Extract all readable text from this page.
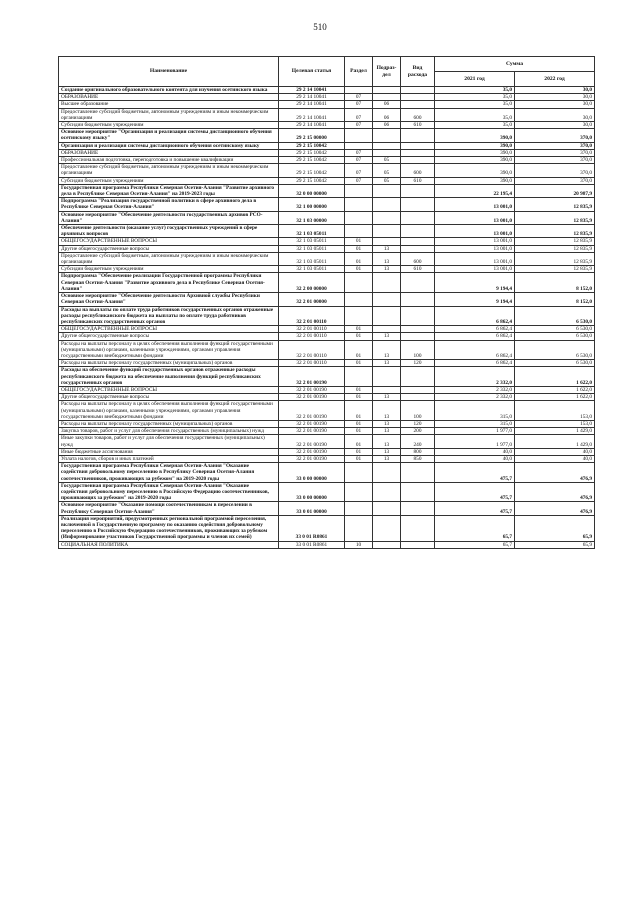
510
Наименование	Целевая статья	Раздел	Подраз-дел	Вид расхода	Сумма	
					2021 год	2022 год
Создание оригинального образовательного контента для изучения осетинского языка	29 2 14 10041				35,0	30,0
ОБРАЗОВАНИЕ	29 2 14 10041	07			35,0	30,0
Высшее образование	29 2 14 10041	07	06		35,0	30,0
Предоставление субсидий бюджетным, автономным учреждениям и иным некоммерческим организациям	29 2 14 10041	07	06	600	35,0	30,0
Субсидии бюджетным учреждениям	29 2 14 10041	07	06	610	35,0	30,0
Основное мероприятие "Организация и реализация системы дистанционного обучения осетинскому языку"	29 2 15 00000				390,0	370,0
Организация и реализация системы дистанционного обучения осетинскому языку	29 2 15 10042				390,0	370,0
ОБРАЗОВАНИЕ	29 2 15 10042	07			390,0	370,0
Профессиональная подготовка, переподготовка и повышение квалификации	29 2 15 10042	07	05		390,0	370,0
Предоставление субсидий бюджетным, автономным учреждениям и иным некоммерческим организациям	29 2 15 10042	07	05	600	390,0	370,0
Субсидии бюджетным учреждениям	29 2 15 10042	07	05	610	390,0	370,0
Государственная программа Республики Северная Осетия-Алания "Развитие архивного дела в Республике Северная Осетия-Алания" на 2019-2023 годы	32 0 00 00000				22 195,4	20 987,9
Подпрограмма "Реализация государственной политики в сфере архивного дела в Республике Северная Осетия-Алания"	32 1 00 00000				13 001,0	12 835,9
Основное мероприятие "Обеспечение деятельности государственных архивов РСО-Алания"	32 1 03 00000				13 001,0	12 835,9
Обеспечение деятельности (оказание услуг) государственных учреждений в сфере архивных вопросов	32 1 03 05011				13 001,0	12 835,9
ОБЩЕГОСУДАРСТВЕННЫЕ ВОПРОСЫ	32 1 03 05011	01			13 001,0	12 835,9
Другие общегосударственные вопросы	32 1 03 05011	01	13		13 001,0	12 835,9
Предоставление субсидий бюджетным, автономным учреждениям и иным некоммерческим организациям	32 1 03 05011	01	13	600	13 001,0	12 835,9
Субсидии бюджетным учреждениям	32 1 03 05011	01	13	610	13 001,0	12 835,9
Подпрограмма "Обеспечение реализации Государственной программы Республики Северная Осетия-Алания "Развитие архивного дела в Республике Северная Осетия-Алания"	32 2 00 00000				9 194,4	8 152,0
Основное мероприятие "Обеспечение деятельности Архивной службы Республики Северная Осетия-Алания"	32 2 01 00000				9 194,4	8 152,0
Расходы на выплаты по оплате труда работников государственных органов отраженные расходы республиканского бюджета на выплаты по оплате труда работников республиканских государственных органов	32 2 01 00110				6 862,4	6 530,0
ОБЩЕГОСУДАРСТВЕННЫЕ ВОПРОСЫ	32 2 01 00110	01			6 862,4	6 530,0
Другие общегосударственные вопросы	32 2 01 00110	01	13		6 862,4	6 530,0
Расходы на выплаты персоналу в целях обеспечения выполнения функций государственными (муниципальными) органами, казенными учреждениями, органами управления государственными внебюджетными фондами	32 2 01 00110	01	13	100	6 862,4	6 530,0
Расходы на выплаты персоналу государственных (муниципальных) органов	32 2 01 00110	01	13	120	6 862,4	6 530,0
Расходы на обеспечение функций государственных органов отраженные расходы республиканского бюджета на обеспечение выполнения функций республиканских государственных органов	32 2 01 00190				2 332,0	1 622,0
ОБЩЕГОСУДАРСТВЕННЫЕ ВОПРОСЫ	32 2 01 00190	01			2 332,0	1 622,0
Другие общегосударственные вопросы	32 2 01 00190	01	13		2 332,0	1 622,0
Расходы на выплаты персоналу в целях обеспечения выполнения функций государственными (муниципальными) органами, казенными учреждениями, органами управления государственными внебюджетными фондами	32 2 01 00190	01	13	100	315,0	153,0
Расходы на выплаты персоналу государственных (муниципальных) органов	32 2 01 00190	01	13	120	315,0	153,0
Закупка товаров, работ и услуг для обеспечения государственных (муниципальных) нужд	32 2 01 00190	01	13	200	1 977,0	1 429,0
Иные закупки товаров, работ и услуг для обеспечения государственных (муниципальных) нужд	32 2 01 00190	01	13	240	1 977,0	1 429,0
Иные бюджетные ассигнования	32 2 01 00190	01	13	800	40,0	40,0
Уплата налогов, сборов и иных платежей	32 2 01 00190	01	13	850	40,0	40,0
Государственная программа Республики Северная Осетия-Алания "Оказание содействия добровольному переселению в Республику Северная Осетия-Алания соотечественников, проживающих за рубежом" на 2019-2020 годы	33 0 00 00000				475,7	476,9
Государственная программа Республики Северная Осетия-Алания "Оказание содействия добровольному переселению в Российскую Федерацию соотечественников, проживающих за рубежом" на 2019-2020 годы	33 0 00 00000				475,7	476,9
Основное мероприятие "Оказание помощи соотечественникам в переселении в Республику Северная Осетия-Алания"	33 0 01 00000				475,7	476,9
Реализация мероприятий, предусмотренных региональной программой переселения, включенной в Государственную программу по оказанию содействия добровольному переселению в Российскую Федерацию соотечественников, проживающих за рубежом (Информирование участников Государственной программы и членов их семей)	33 0 01 R0861				65,7	65,9
СОЦИАЛЬНАЯ ПОЛИТИКА	33 0 01 R0861	10			65,7	65,9
